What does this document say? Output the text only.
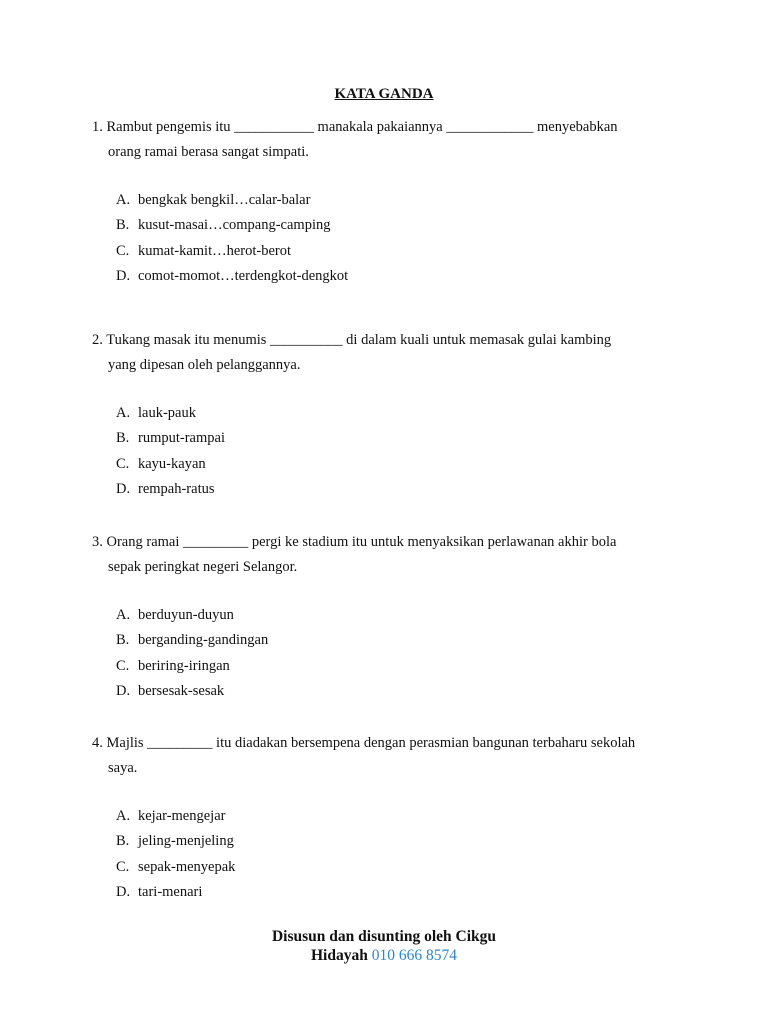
KATA GANDA
1. Rambut pengemis itu ___________ manakala pakaiannya ____________ menyebabkan
orang ramai berasa sangat simpati.
A. bengkak bengkil…calar-balar
B. kusut-masai…compang-camping
C. kumat-kamit…herot-berot
D. comot-momot…terdengkot-dengkot
2. Tukang masak itu menumis __________ di dalam kuali untuk memasak gulai kambing
yang dipesan oleh pelanggannya.
A. lauk-pauk
B. rumput-rampai
C. kayu-kayan
D. rempah-ratus
3. Orang ramai _________ pergi ke stadium itu untuk menyaksikan perlawanan akhir bola
sepak peringkat negeri Selangor.
A. berduyun-duyun
B. berganding-gandingan
C. beriring-iringan
D. bersesak-sesak
4. Majlis _________ itu diadakan bersempena dengan perasmian bangunan terbaharu sekolah
saya.
A. kejar-mengejar
B. jeling-menjeling
C. sepak-menyepak
D. tari-menari
Disusun dan disunting oleh Cikgu
Hidayah 010 666 8574
